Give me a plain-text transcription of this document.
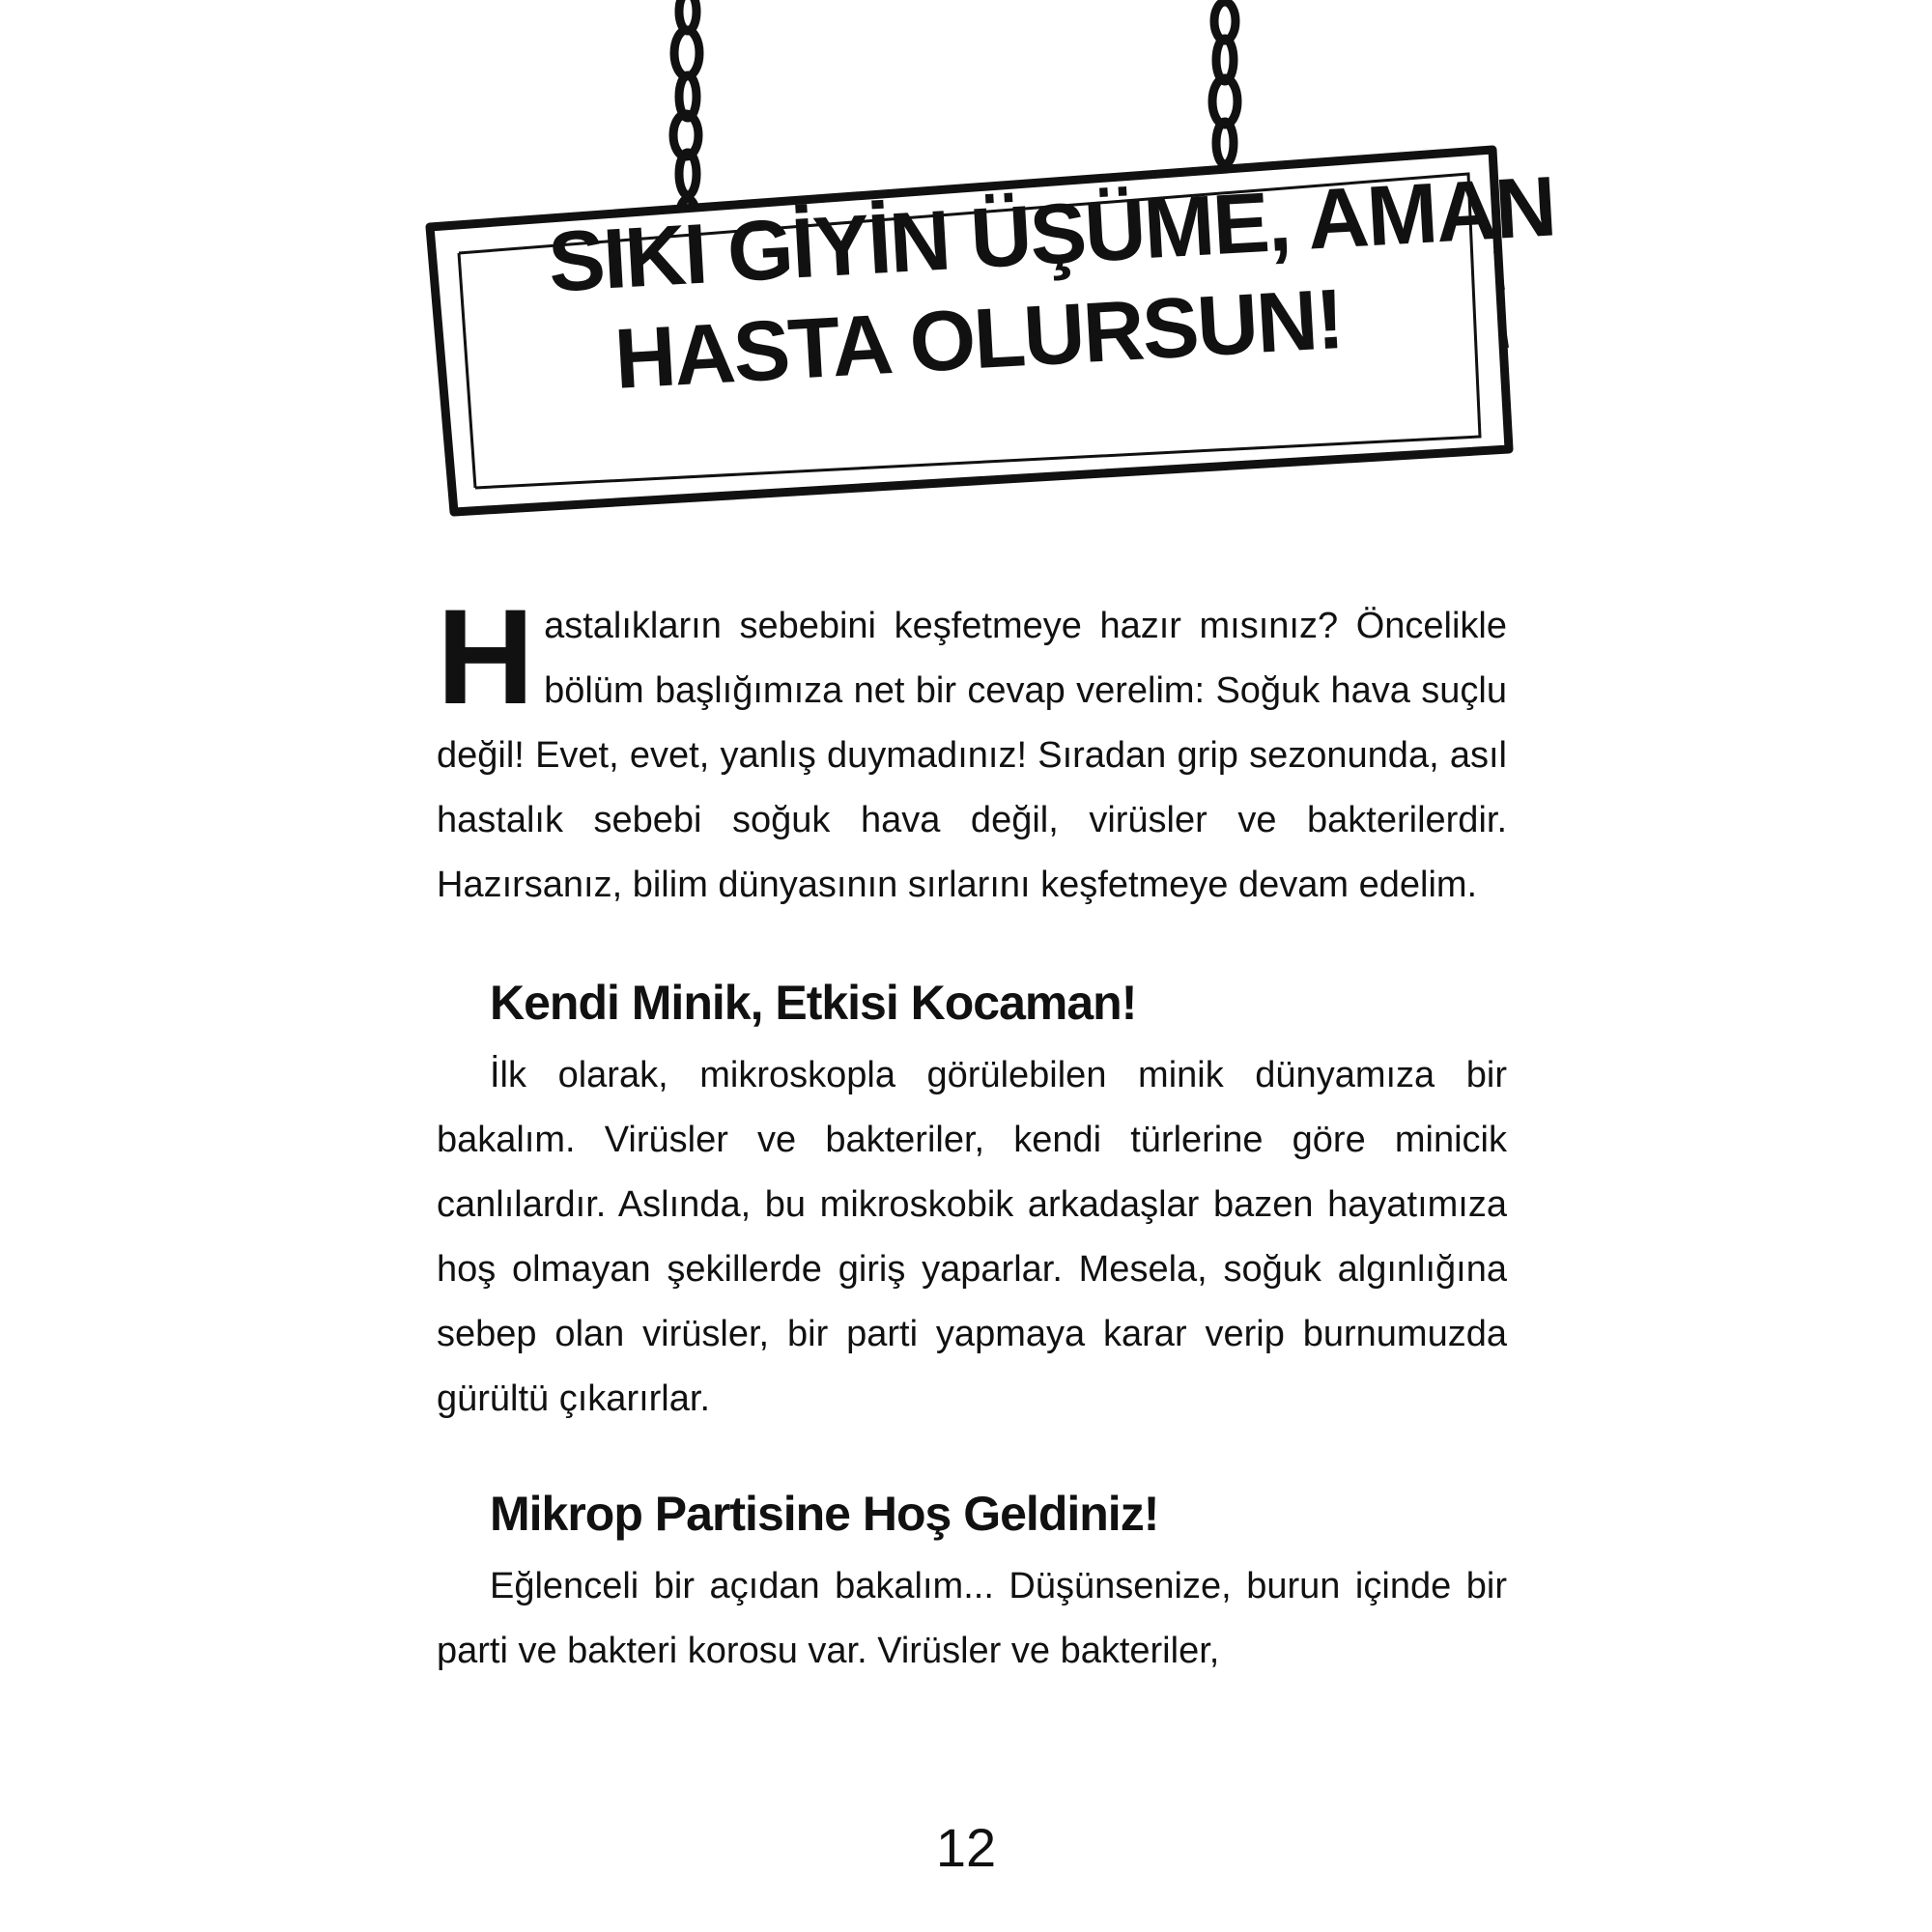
SIKI GİYİN ÜŞÜME, AMAN
HASTA OLURSUN!

Hastalıkların sebebini keşfetmeye hazır mısınız? Öncelikle bölüm başlığımıza net bir cevap verelim: Soğuk hava suçlu değil! Evet, evet, yanlış duymadınız! Sıradan grip sezonunda, asıl hastalık sebebi soğuk hava değil, virüsler ve bakterilerdir. Hazırsanız, bilim dünyasının sırlarını keşfetmeye devam edelim.

Kendi Minik, Etkisi Kocaman!

İlk olarak, mikroskopla görülebilen minik dünyamıza bir bakalım. Virüsler ve bakteriler, kendi türlerine göre minicik canlılardır. Aslında, bu mikroskobik arkadaşlar bazen hayatımıza hoş olmayan şekillerde giriş yaparlar. Mesela, soğuk algınlığına sebep olan virüsler, bir parti yapmaya karar verip burnumuzda gürültü çıkarırlar.

Mikrop Partisine Hoş Geldiniz!

Eğlenceli bir açıdan bakalım... Düşünsenize, burun içinde bir parti ve bakteri korosu var. Virüsler ve bakteriler,

12
